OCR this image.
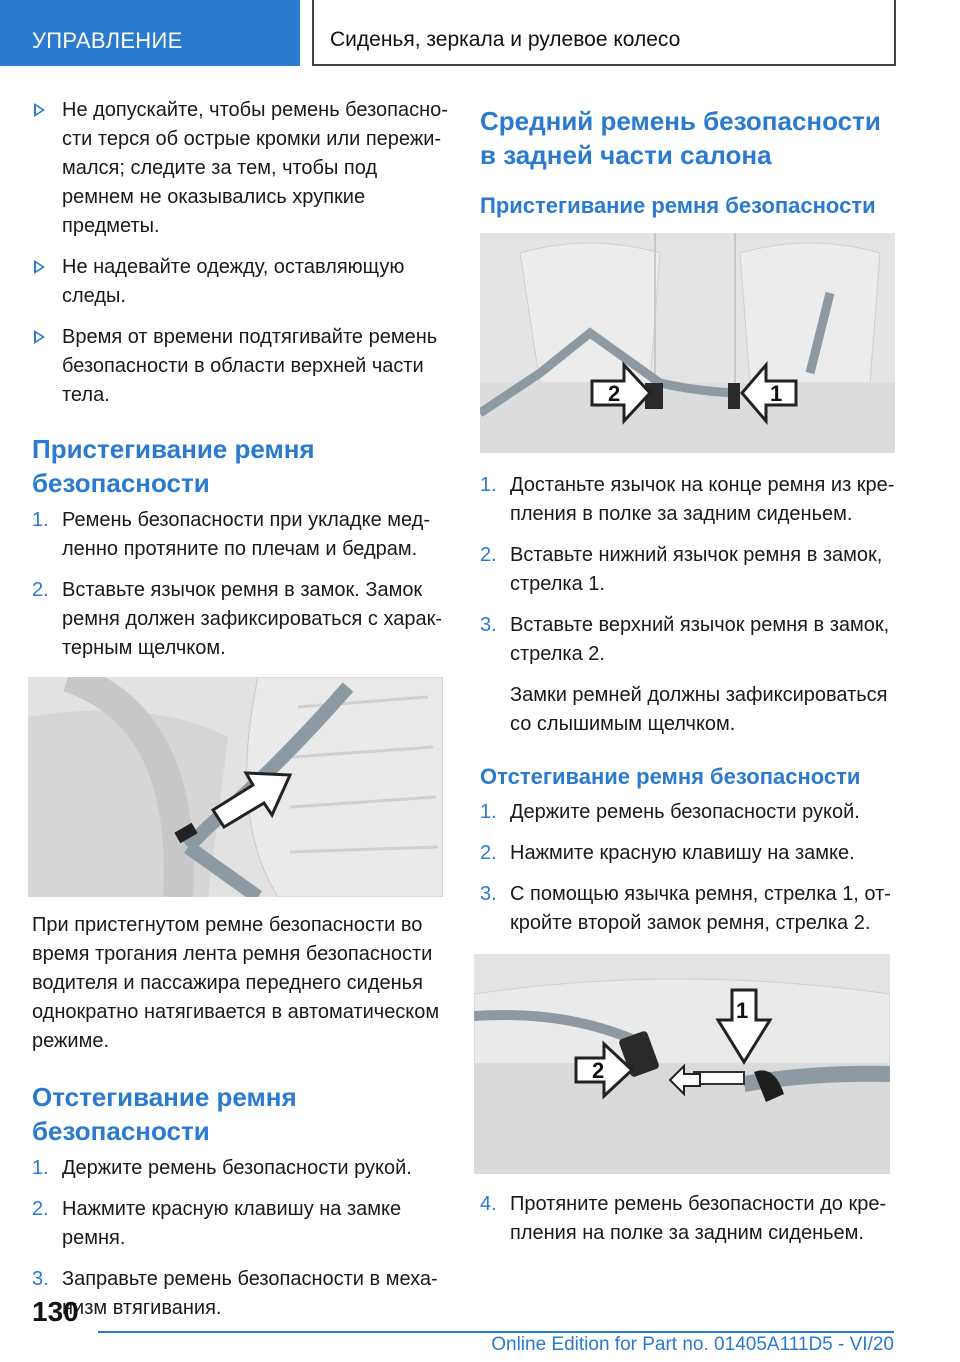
УПРАВЛЕНИЕ	Сиденья, зеркала и рулевое колесо
Не допускайте, чтобы ремень безопасности терся об острые кромки или пережимался; следите за тем, чтобы под ремнем не оказывались хрупкие предметы.
Не надевайте одежду, оставляющую следы.
Время от времени подтягивайте ремень безопасности в области верхней части тела.
Пристегивание ремня безопасности
1. Ремень безопасности при укладке медленно протяните по плечам и бедрам.
2. Вставьте язычок ремня в замок. Замок ремня должен зафиксироваться с характерным щелчком.
При пристегнутом ремне безопасности во время трогания лента ремня безопасности водителя и пассажира переднего сиденья однократно натягивается в автоматическом режиме.
Отстегивание ремня безопасности
1. Держите ремень безопасности рукой.
2. Нажмите красную клавишу на замке ремня.
3. Заправьте ремень безопасности в механизм втягивания.
Средний ремень безопасности в задней части салона
Пристегивание ремня безопасности
2	1
1. Достаньте язычок на конце ремня из крепления в полке за задним сиденьем.
2. Вставьте нижний язычок ремня в замок, стрелка 1.
3. Вставьте верхний язычок ремня в замок, стрелка 2.
Замки ремней должны зафиксироваться со слышимым щелчком.
Отстегивание ремня безопасности
1. Держите ремень безопасности рукой.
2. Нажмите красную клавишу на замке.
3. С помощью язычка ремня, стрелка 1, откройте второй замок ремня, стрелка 2.
1
2
4. Протяните ремень безопасности до крепления на полке за задним сиденьем.
130
Online Edition for Part no. 01405A111D5 - VI/20
